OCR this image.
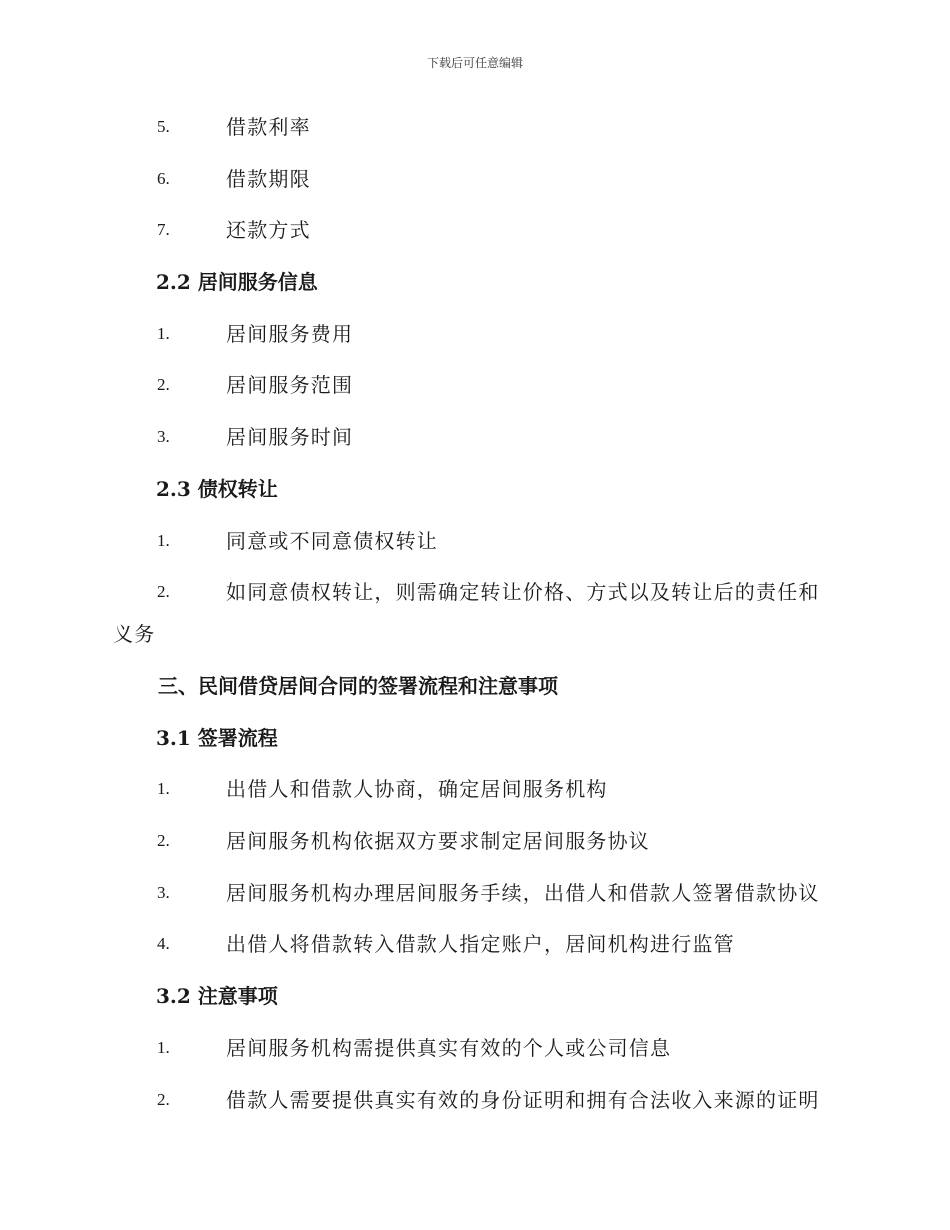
下载后可任意编辑
5.	借款利率
6.	借款期限
7.	还款方式
2.2 居间服务信息
1.	居间服务费用
2.	居间服务范围
3.	居间服务时间
2.3 债权转让
1.	同意或不同意债权转让
2.	如同意债权转让，则需确定转让价格、方式以及转让后的责任和
义务
三、民间借贷居间合同的签署流程和注意事项
3.1 签署流程
1.	出借人和借款人协商，确定居间服务机构
2.	居间服务机构依据双方要求制定居间服务协议
3.	居间服务机构办理居间服务手续，出借人和借款人签署借款协议
4.	出借人将借款转入借款人指定账户，居间机构进行监管
3.2 注意事项
1.	居间服务机构需提供真实有效的个人或公司信息
2.	借款人需要提供真实有效的身份证明和拥有合法收入来源的证明
